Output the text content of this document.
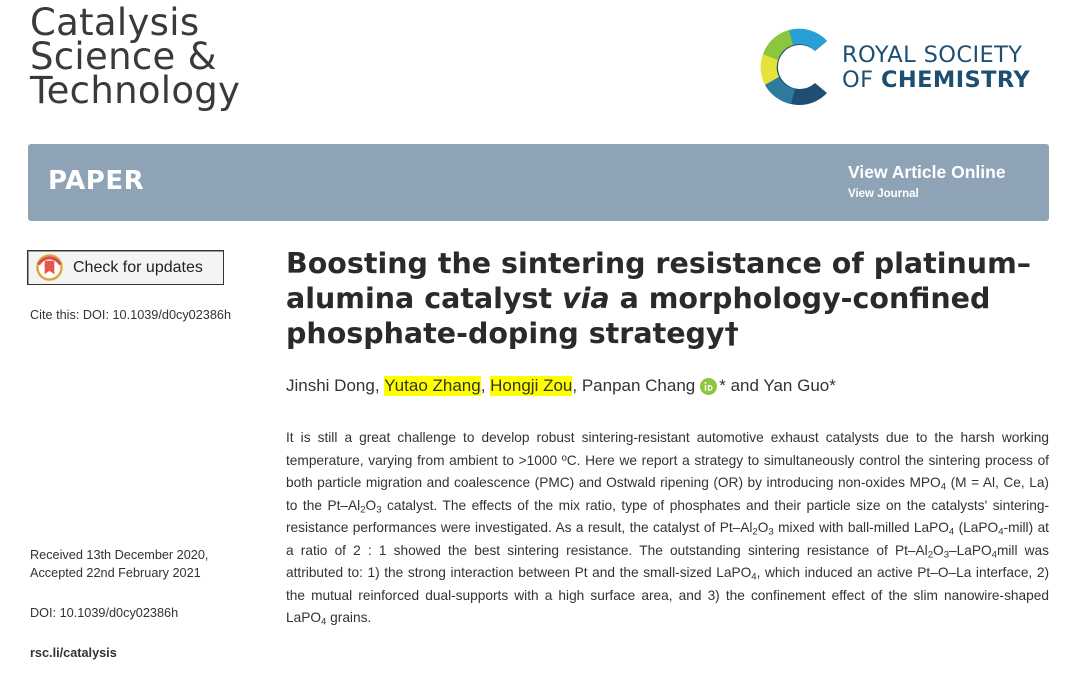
Catalysis
Science &
Technology
ROYAL SOCIETY
OF CHEMISTRY
PAPER	View Article Online
View Journal
Check for updates
Cite this: DOI: 10.1039/d0cy02386h
Received 13th December 2020,
Accepted 22nd February 2021
DOI: 10.1039/d0cy02386h
rsc.li/catalysis
Boosting the sintering resistance of platinum–alumina catalyst via a morphology-confined phosphate-doping strategy†
Jinshi Dong, Yutao Zhang , Hongji Zou , Panpan Chang * and Yan Guo*

It is still a great challenge to develop robust sintering-resistant automotive exhaust catalysts due to the harsh working temperature, varying from ambient to >1000 ºC. Here we report a strategy to simultaneously control the sintering process of both particle migration and coalescence (PMC) and Ostwald ripening (OR) by introducing non-oxides $MPO_4$ (M = Al, Ce, La) to the $Pt-Al_2O_3$ catalyst. The effects of the mix ratio, type of phosphates and their particle size on the catalysts' sintering-resistance performances were investigated. As a result, the catalyst of $Pt-Al_2O_3$ mixed with ball-milled LaPO$_4$ (LaPO$_4$-mill) at a ratio of 2 : 1 showed the best sintering resistance. The outstanding sintering resistance of $Pt-Al_2O_3-LaPO_4mill$ was attributed to: 1) the strong interaction between Pt and the small-sized LaPO$_4$, which induced an active Pt–O–La interface, 2) the mutual reinforced dual-supports with a high surface area, and 3) the confinement effect of the slim nanowire-shaped LaPO$_4$ grains.
